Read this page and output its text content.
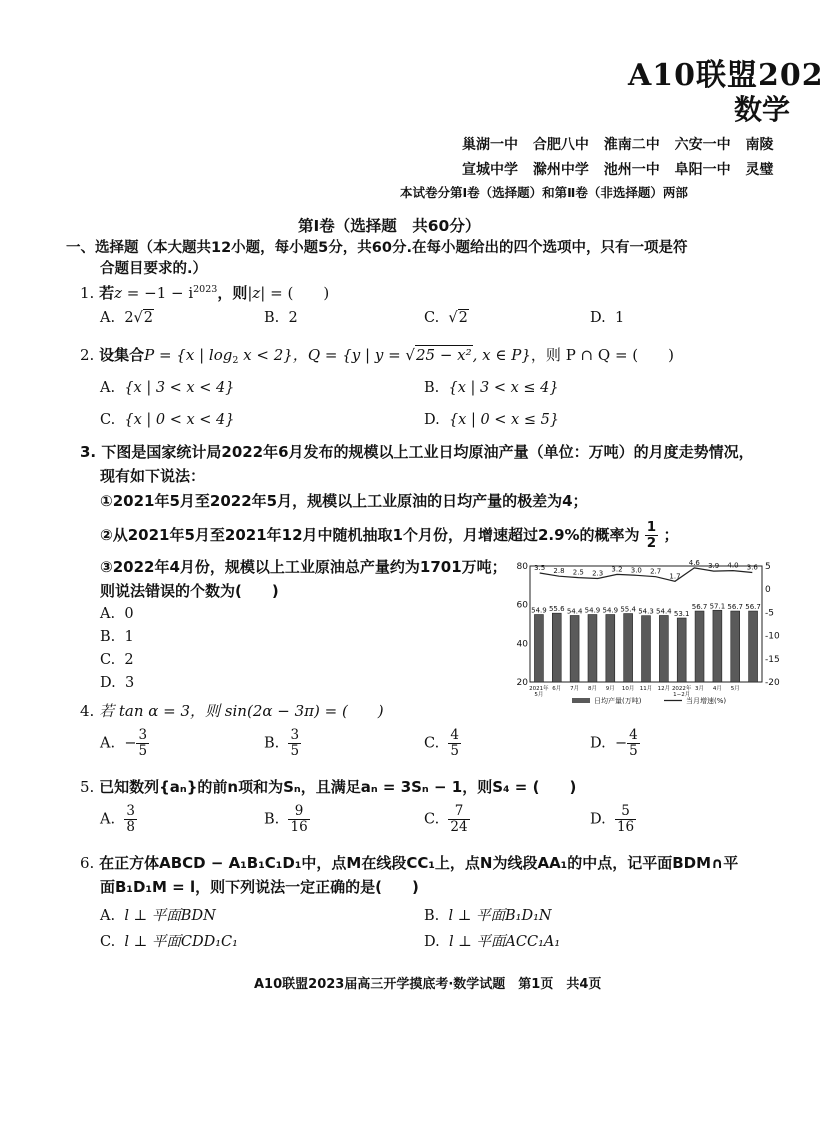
A10联盟202
数学
巢湖一中 合肥八中 淮南二中 六安一中 南陵
宣城中学 滁州中学 池州一中 阜阳一中 灵璧
本试卷分第Ⅰ卷（选择题）和第Ⅱ卷（非选择题）两部
第Ⅰ卷（选择题　共60分）
一、选择题（本大题共12小题，每小题5分，共60分.在每小题给出的四个选项中，只有一项是符
合题目要求的.）
1. 若$z = -1 - i^{2023}$，则|z| = (　　)
A. 2√2	B. 2	C.  √2	D. 1
2. 设集合P = {x | $\log_2 x < 2$}，Q = {y | y = √25 − x², x ∈ P}，则 P ∩ Q = (　　)
A. {x | 3 < x < 4}	B. {x | 3 < x ≤ 4}
C. {x | 0 < x < 4}	D. {x | 0 < x ≤ 5}
3. 下图是国家统计局2022年6月发布的规模以上工业日均原油产量（单位：万吨）的月度走势情况，
现有如下说法：
①2021年5月至2022年5月，规模以上工业原油的日均产量的极差为4；
②从2021年5月至2021年12月中随机抽取1个月份，月增速超过2.9%的概率为 $\frac{1}{2}$ ；
③2022年4月份，规模以上工业原油总产量约为1701万吨；
则说法错误的个数为(　　)
A. 0
B. 1
C. 2
D. 3	20
40
60
80
-20
-15
-10
-5
0
5
54.9 55.6 54.4 54.9 54.9 55.4 54.3 54.4 53.1
56.7 57.1 56.7 56.7
3.5 2.8 2.5 2.3
3.2 3.0 2.7
1.7
4.6 3.9 4.0 3.6
2021年
5月
6月 7月 8月 9月 10月 11月 12月 2022年
1−2月
3月 4月 5月
日均产量(万吨)	当月增速(%)
4. 若 tan α = 3，则 sin(2α − 3π) = (　　)
A. − $\frac{3}{5}$	B. $\frac{3}{5}$	C. $\frac{4}{5}$	D. − $\frac{4}{5}$
5. 已知数列{aₙ}的前n项和为Sₙ，且满足aₙ = 3Sₙ − 1，则S₄ = (　　)
A. $\frac{3}{8}$	B. $\frac{9}{16}$	C. $\frac{7}{24}$	D. $\frac{5}{16}$
6. 在正方体ABCD − A₁B₁C₁D₁中，点M在线段CC₁上，点N为线段AA₁的中点，记平面BDM∩平
面B₁D₁M = l，则下列说法一定正确的是(　　)
A. l ⊥ 平面BDN	B. l ⊥ 平面B₁D₁N
C. l ⊥ 平面CDD₁C₁	D. l ⊥ 平面ACC₁A₁
A10联盟2023届高三开学摸底考·数学试题　第1页　共4页
